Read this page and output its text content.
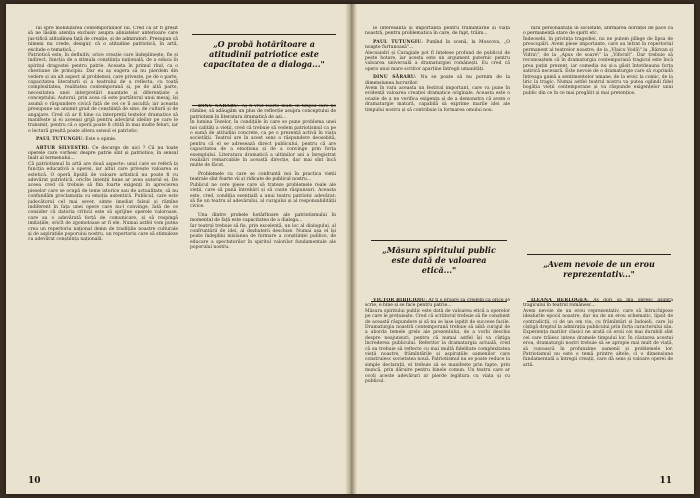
lui spre mobilizarea contemporanilor lui. Cred că ar fi greșit să ne lăsăm atenția exclusiv asupra aliniatelor anterioare care jus-tifică atitudinea față de creație, și de admiratori. Presupun că nimeni nu crede, desigur, că o atitudine patriotică, în artă, exclude o tematică...

Patriotică este, în definitiv, orice creație care îndeplinește, fie și indirect, funcția de a stimula conștiința națională, de a educa în spiritul dragostei pentru patrie. Aceasta în primul rînd, ca o chestiune de principiu. Dar eu aș sugera să nu pierdem din vedere și un alt aspect al problemei, care privește, pe de o parte, capacitatea literaturii și a teatrului de a reflecta, cu toată complexitatea, realitatea contemporană și, pe de altă parte, necesitatea unei interpretări nuanțate și diferențiate a conceptului. Autorul, prin acea că este purtătorul unui mesaj, își asumă o răspundere civică față de cei ce îl ascultă; iar aceasta presupune un anumit grad de conștiință de sine, de cultură și de angajare. Cred că ar fi bine ca interpreții textelor dramatice să manifeste și ei aceeași grijă pentru adevărul ideilor pe care le transmit, pentru că o operă poate fi citită în mai multe feluri, iar o lectură greșită poate altera sensul ei patriotic.

PAUL TUTUNGIU: Este o opinie.

ARTUR SILVESTRI: Ce decurge de aici ? Că nu toate operele care vorbesc despre patrie sînt și patriotice, în sensul înalt al termenului...

Că patriotismul în artă are două aspecte: unul care se referă la funcția educativă a operei, iar altul care privește valoarea ei estetică. O operă lipsită de valoare artistică nu poate fi cu adevărat patriotică, oricîte intenții bune ar avea autorul ei. De aceea cred că trebuie să fim foarte exigenți în aprecierea pieselor care se ocupă de teme istorice sau de actualitate, să nu confundăm proclamația cu emoția autentică. Publicul, care este judecătorul cel mai sever, simte imediat falsul și rămîne indiferent în fața unei opere care nu-l convinge. Iată de ce consider că datoria criticii este să sprijine operele valoroase, care au o adevărată forță de comunicare, și să respingă imitațiile, oricît de zgomotoase ar fi ele. Numai astfel vom putea crea un repertoriu național demn de tradițiile noastre culturale și de aspirațiile poporului nostru, un repertoriu care să stimuleze cu adevărat conștiința națională.
„O probă hotărîtoare a atitudinii patriotice este capacitatea de a dialoga..."

DINU SĂRARU: Aș fi vrut foarte mult, în timpul care ne rămîne, să adăugăm un plus de reflecție asupra conceptului de patriotism în literatura dramatică de azi...

În lumina Tezelor, în condițiile în care se pune problema unei noi calități a vieții, cred că trebuie să vedem patriotismul ca pe o sumă de atitudini concrete, ca pe o prezență activă în viața societății. Teatrul are în acest sens o răspundere deosebită, pentru că el se adresează direct publicului, pentru că are capacitatea de a emoționa și de a convinge prin forța exemplului. Literatura dramatică a ultimilor ani a înregistrat realizări remarcabile în această direcție, dar mai sînt încă multe de făcut.

Problemele cu care se confruntă noi în practica vieții teatrale sînt foarte vii și ridicate de publicul nostru...

Publicul ne cere piese care să trateze problemele reale ale vieții, care să pună întrebări și să caute răspunsuri. Aceasta este, cred, condiția esențială a unui teatru patriotic adevărat: să fie un teatru al adevărului, al curajului și al responsabilității civice.

Una dintre probele hotărîtoare ale patriotismului în momentul de față este capacitatea de a dialoga...

Iar teatrul trebuie să fie, prin excelență, un loc al dialogului, al confruntării de idei, al dezbaterii deschise. Numai așa el își poate îndeplini misiunea de formare a conștiinței publice, de educare a spectatorilor în spiritul valorilor fundamentale ale poporului nostru.
10

le interesantă și importantă pentru frămîntările și viața noastră, pentru problematica în care, de fapt, trăim...

PAUL TUTUNGIU: Punînd în scenă, la Moscova, „O noapte furtunoasă"...

Alecsandri și Caragiale pot fi înțelese profund de publicul de peste hotare, iar acesta este un argument puternic pentru valoarea universală a dramaturgiei românești. Eu cred că opera unui mare scriitor aparține întregii umanități.

DINU SĂRARU: Nu se poate să nu pornim de la dimensiunea lucrurilor.

Avem în vara aceasta un festival important, care va pune în evidență valoarea creației dramatice originale. Aceasta este o ocazie de a ne verifica exigența și de a demonstra că avem o dramaturgie matură, capabilă să exprime marile idei ale timpului nostru și să contribuie la formarea omului nou.
„Măsura spiritului public este dată de valoarea etică..."

VICTOR BIBICIOIU: Ar fi o eroare să credem că orice se scrie, e bine și se face pentru patrie...

Măsura spiritului public este dată de valoarea etică a operelor pe care le prețuiește. Cred că scriitorul trebuie să fie conștient de această răspundere și să nu se lase ispitit de succese facile. Dramaturgia noastră contemporană trebuie să aibă curajul de a aborda temele grele ale prezentului, de a vorbi deschis despre neajunsuri, pentru că numai astfel își va cîștiga încrederea publicului. Referitor la dramaturgia actuală, cred că ea trebuie să reflecte cu mai multă fidelitate complexitatea vieții noastre, frămîntările și aspirațiile oamenilor care construiesc societatea nouă. Patriotismul nu se poate reduce la simple declarații, el trebuie să se manifeste prin fapte, prin muncă, prin dăruire pentru binele comun. Un teatru care ar ocoli aceste adevăruri ar pierde legătura cu viața și cu publicul.

nirii personalității în societate, afirmarea dorinței de pace ca o permanență stare de spirit etc.

Îndeosebi, în privința tragediei, nu ne putem plînge de lipsa de preocupări. Avem piese importante, care au intrat în repertoriul permanent al teatrelor noastre, de la „Vlaicu Vodă\" la „Răzvan și Vidra\", de la „Apus de soare\" la „Viforul\". Dar trebuie să recunoaștem că în dramaturgia contemporană tragicul este încă prea puțin prezent, iar comedia nu și-a găsit întotdeauna forța satirică necesară. Este nevoie de o dramaturgie care să cuprindă întreaga gamă a sentimentelor umane, de la eroic la comic, de la liric la tragic. Numai astfel teatrul nostru va putea oglindi fidel bogăția vieții contemporane și va răspunde exigențelor unui public din ce în ce mai pregătit și mai pretențios.
„Avem nevoie de un erou reprezentativ..."

ILEANA BERLOGEA: Aș dori să mă opresc asupra tragicului în teatrul românesc...

Avem nevoie de un erou reprezentativ, care să întruchipeze idealurile epocii noastre, dar nu de un erou schematic, lipsit de contradicții, ci de un om viu, cu frămîntări și îndoieli, care își cîștigă dreptul la admirația publicului prin forța caracterului său. Experiența marilor clasici ne arată că eroii cei mai durabili sînt cei care trăiesc intens dramele timpului lor. În căutarea acestui erou, dramaturgii noștri trebuie să se apropie mai mult de viață, să cunoască în profunzime oamenii și problemele lor. Patriotismul nu este o temă printre altele, ci o dimensiune fundamentală a întregii creații, care dă sens și valoare operei de artă.
11
